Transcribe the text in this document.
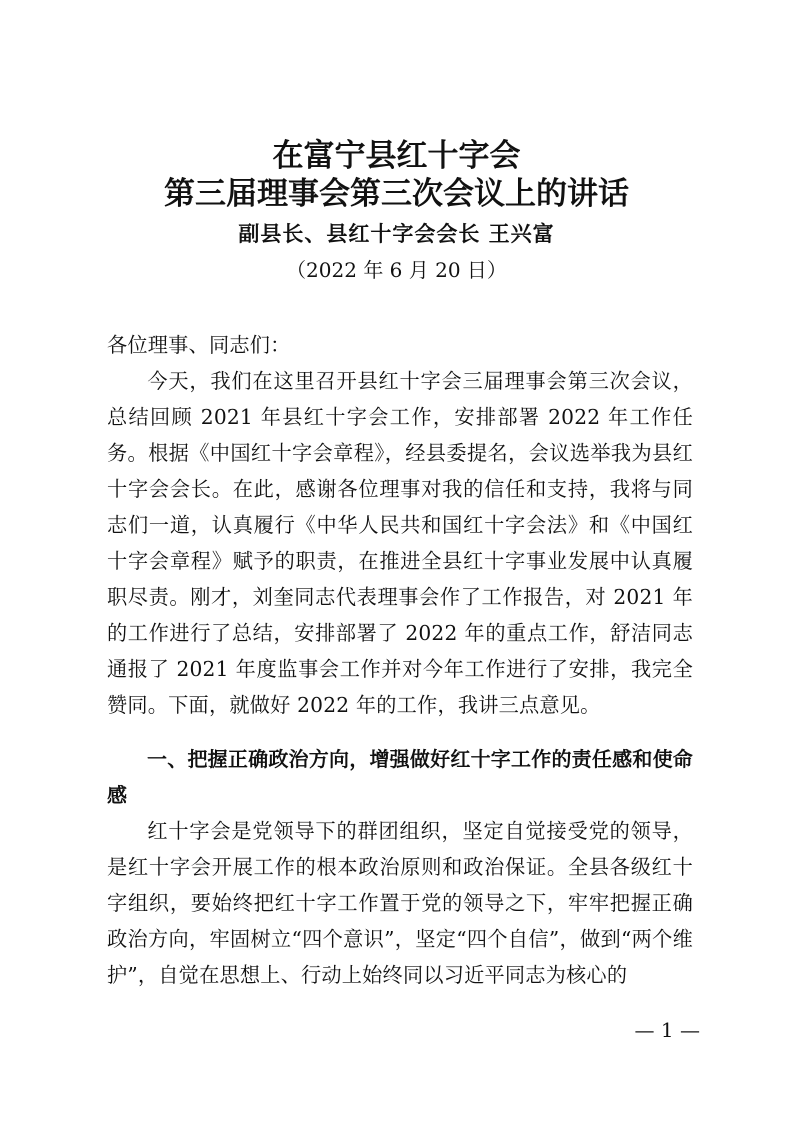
在富宁县红十字会
第三届理事会第三次会议上的讲话
副县长、县红十字会会长 王兴富
（2022 年 6 月 20 日）

各位理事、同志们：

今天，我们在这里召开县红十字会三届理事会第三次会议，总结回顾 2021 年县红十字会工作，安排部署 2022 年工作任务。根据《中国红十字会章程》，经县委提名，会议选举我为县红十字会会长。在此，感谢各位理事对我的信任和支持，我将与同志们一道，认真履行《中华人民共和国红十字会法》和《中国红十字会章程》赋予的职责，在推进全县红十字事业发展中认真履职尽责。刚才，刘奎同志代表理事会作了工作报告，对 2021 年的工作进行了总结，安排部署了 2022 年的重点工作，舒洁同志通报了 2021 年度监事会工作并对今年工作进行了安排，我完全赞同。下面，就做好 2022 年的工作，我讲三点意见。

一、把握正确政治方向，增强做好红十字工作的责任感和使命感

红十字会是党领导下的群团组织，坚定自觉接受党的领导，是红十字会开展工作的根本政治原则和政治保证。全县各级红十字组织，要始终把红十字工作置于党的领导之下，牢牢把握正确政治方向，牢固树立“四个意识”，坚定“四个自信”，做到“两个维护”，自觉在思想上、行动上始终同以习近平同志为核心的

— 1 —
